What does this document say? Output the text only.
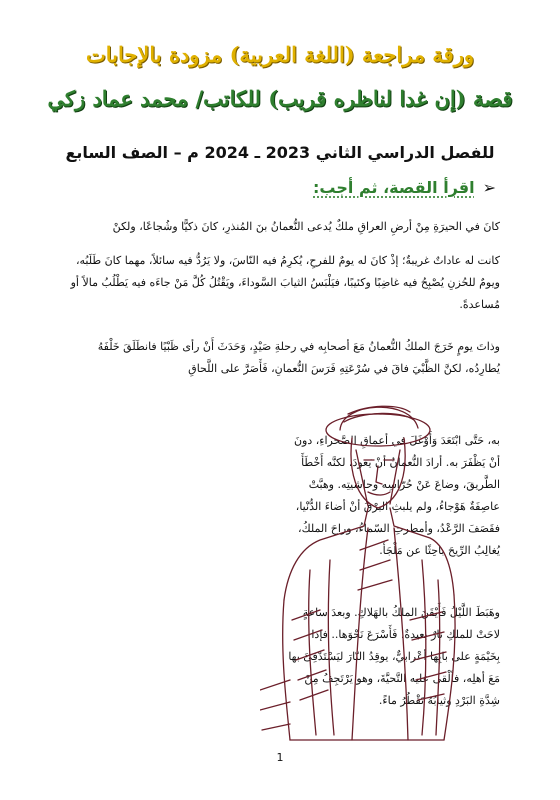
ورقة مراجعة (اللغة العربية) مزودة بالإجابات
قصة (إن غدا لناظره قريب) للكاتب/ محمد عماد زكي
للفصل الدراسي الثاني 2023 ـ 2024 م – الصف السابع
➢
اقرأ القصة، ثم أجب:

كانَ في الحيرَةِ مِنْ أرضِ العراقِ ملكٌ يُدعى النُّعمانُ بنَ المُنذرِ، كانَ ذكيًّا وشُجاعًا، ولكنْ

كانت له عاداتٌ غريبةٌ؛ إذْ كانَ له يومٌ للفرحِ، يُكرِمُ فيه النّاسَ، ولا يَرُدُّ فيه سائلاً، مهما كانَ طَلَبُه، ويومٌ للحُزنِ يُصْبِحُ فيه غاضِبًا وكئيبًا، فيَلْبَسُ الثيابَ السَّوداءَ، ويَقْتُلُ كُلَّ مَنْ جاءَه فيه يَطْلُبُ مالاً أو مُساعدةً.

وذاتَ يومٍ خَرَجَ الملكُ النُّعمانُ مَعَ أصحابِه في رحلةِ صَيْدٍ، وَحَدَثَ أَنْ رأى ظَبْيًا فانطَلَقَ خَلْفَهُ يُطارِدُه، لكنَّ الظَّبْيَ فاقَ في سُرْعَتِهِ فَرَسَ النُّعمانِ، فَأَصَرَّ على اللَّحاقِ

به، حَتَّى ابْتَعَدَ وَأَوْغَلَ في أعماقِ الصَّحراءِ، دونَ أنْ يَظْفَرَ به. أرادَ النُّعمانُ أنْ يَعودَ، لكنَّه أَخْطَأَ الطَّريقَ، وضاعَ عَنْ حُرّاسِه وحاشيتِه. وهبَّتْ عاصِفَةٌ هَوْجاءُ، ولم يلبثِ البرْقُ أنْ أضاءَ الدُّنْيا، فقَصَفَ الرَّعْدُ، وأمطرتِ السّماءُ، وراحَ الملكُ، يُغالِبُ الرِّيحَ باحِثًا عن مَلْجَأ.

وهَبَطَ اللَّيْلُ فَأَيْقَنَ الملكُ بالهَلاكِ. وبعدَ ساعةٍ لاحَتْ للملكِ نارٌ بعيدةٌ، فَأَسْرَعَ نَحْوَها.. فإذا بِخَيْمَةٍ على بابِها أعْرابيٌّ، يوقِدُ النّارَ ليَسْتَدْفِئَ بها مَعَ أهلِه، فألْقى عليه التَّحيَّةَ، وهو يَرْتَجِفُ مِنْ شِدَّةِ البَرْدِ وثيابُهُ تَقْطُرُ ماءً.

1
